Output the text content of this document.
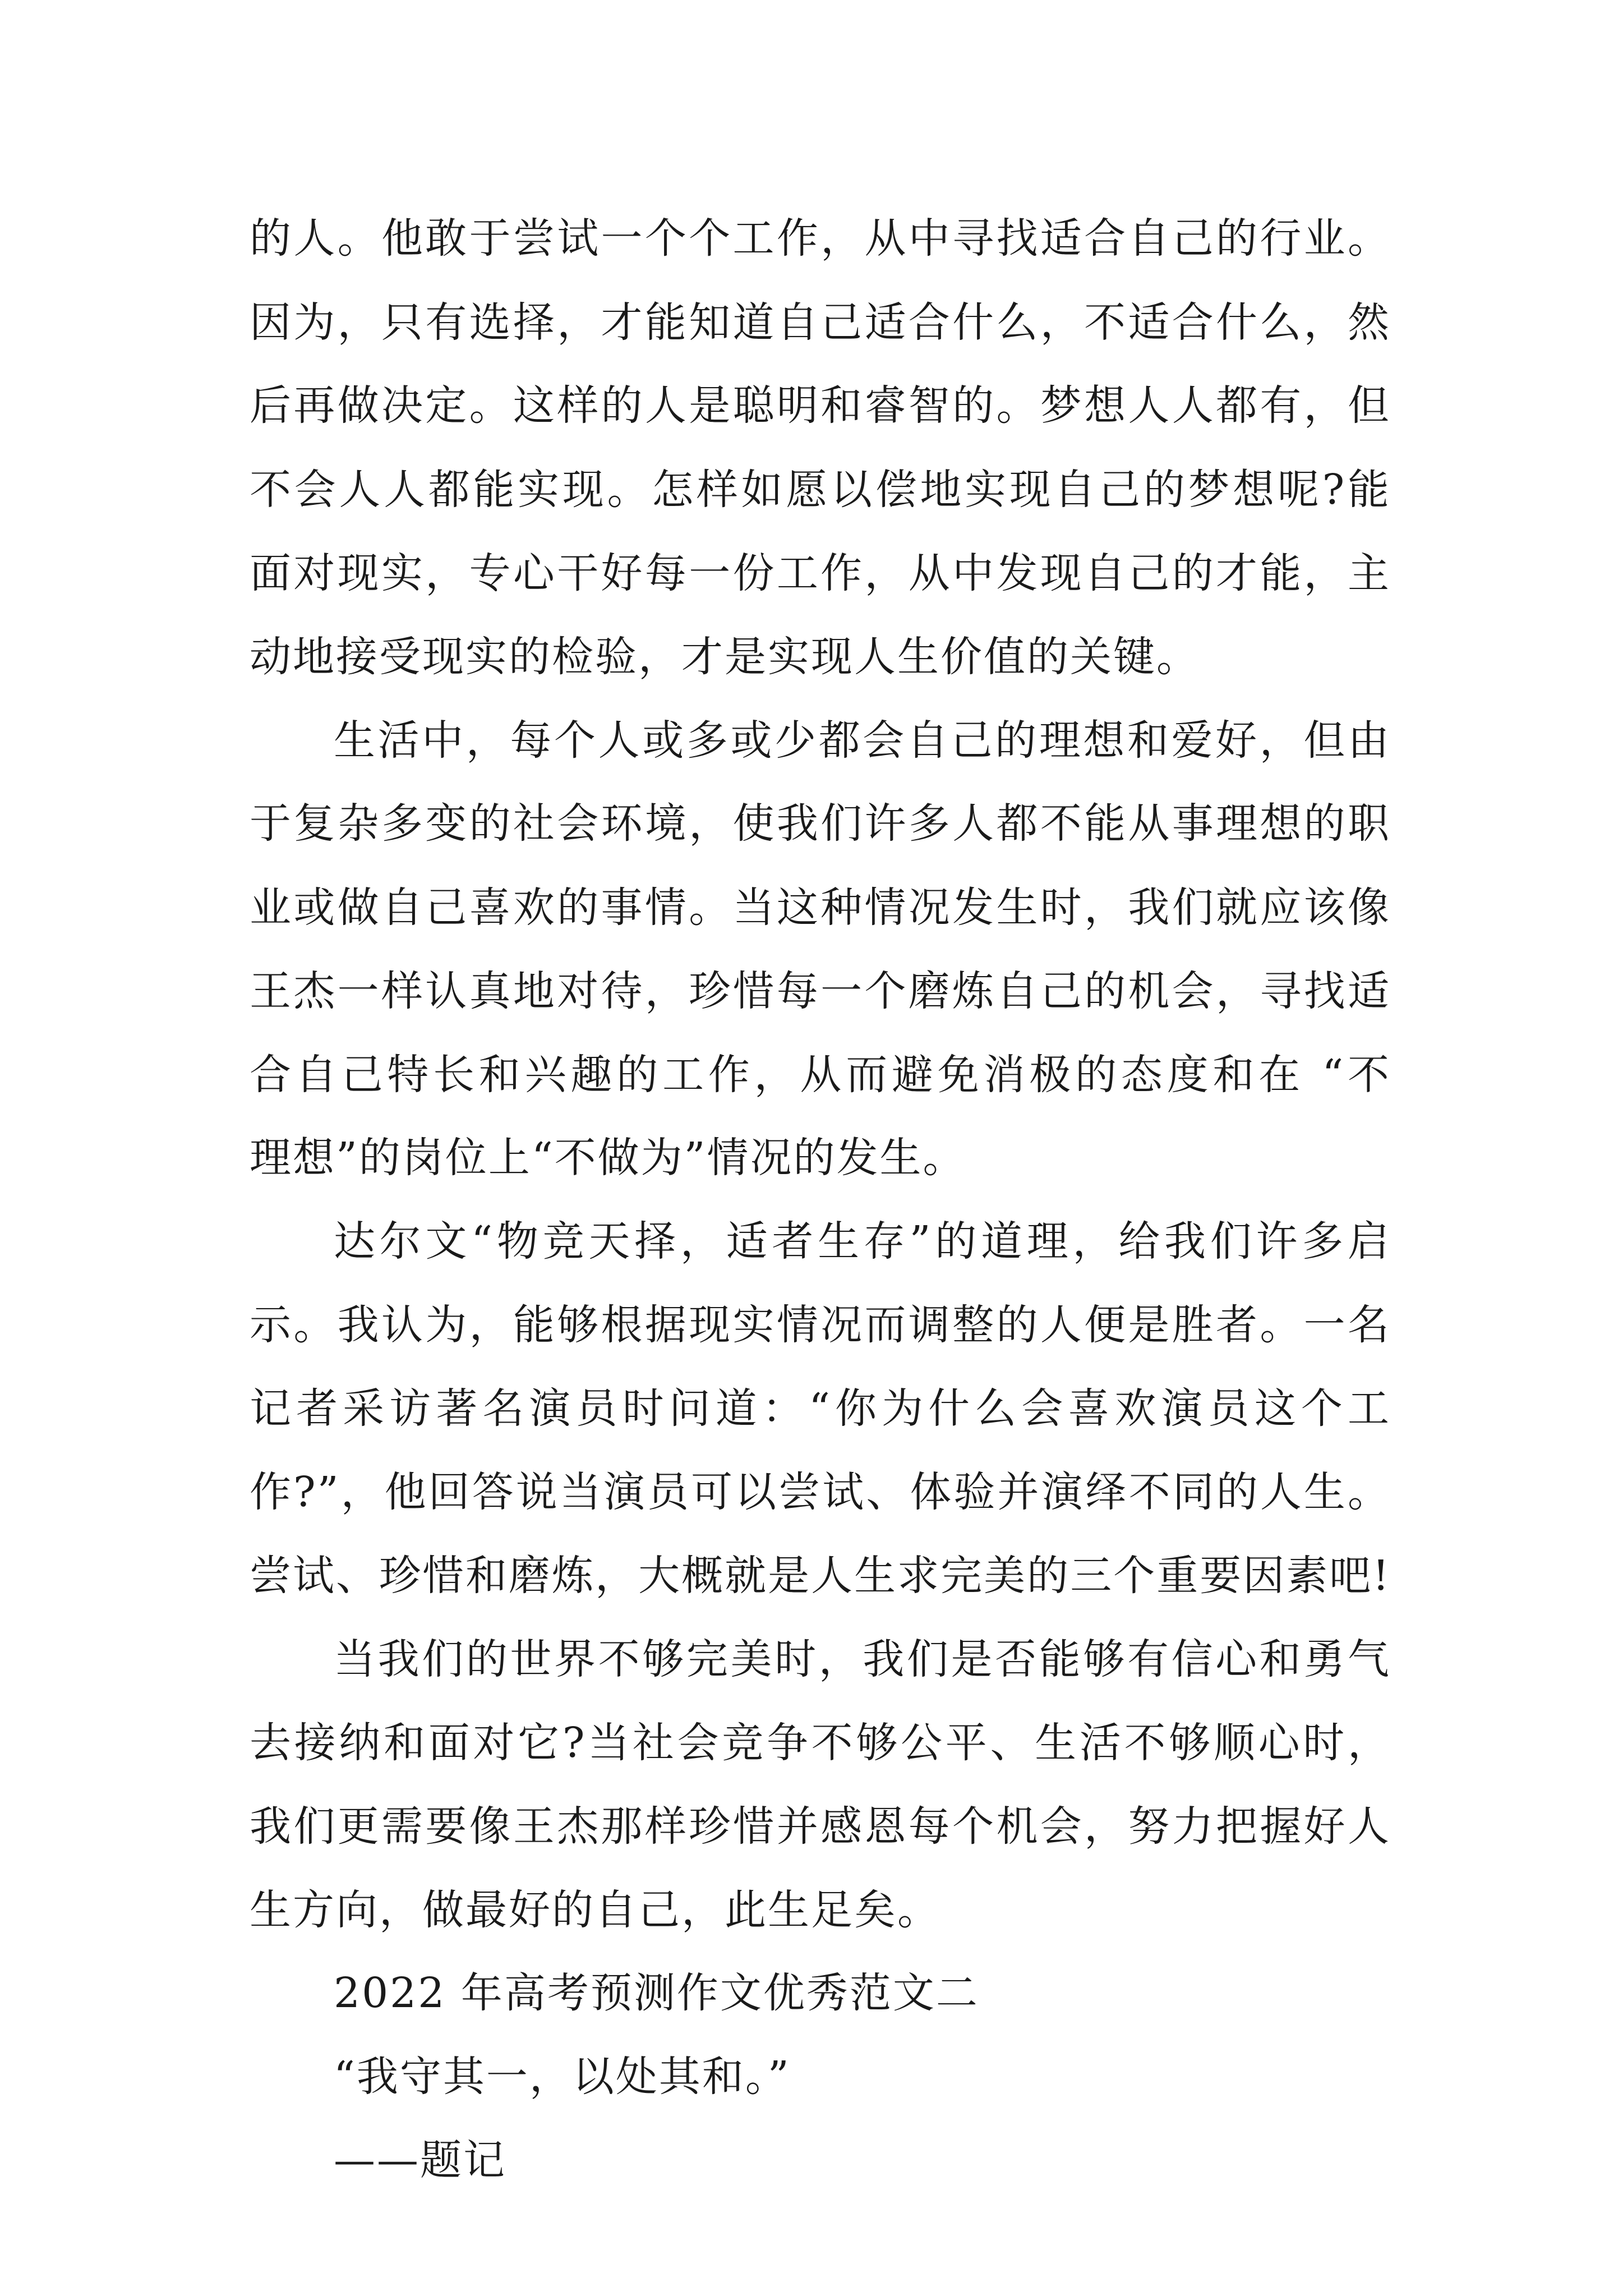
的人。他敢于尝试一个个工作，从中寻找适合自己的行业。
因为，只有选择，才能知道自己适合什么，不适合什么，然
后再做决定。这样的人是聪明和睿智的。梦想人人都有，但
不会人人都能实现。怎样如愿以偿地实现自己的梦想呢?能
面对现实，专心干好每一份工作，从中发现自己的才能，主
动地接受现实的检验，才是实现人生价值的关键。
生活中，每个人或多或少都会自己的理想和爱好，但由
于复杂多变的社会环境，使我们许多人都不能从事理想的职
业或做自己喜欢的事情。当这种情况发生时，我们就应该像
王杰一样认真地对待，珍惜每一个磨炼自己的机会，寻找适
合自己特长和兴趣的工作，从而避免消极的态度和在 “不
理想”的岗位上“不做为”情况的发生。
达尔文“物竞天择，适者生存”的道理，给我们许多启
示。我认为，能够根据现实情况而调整的人便是胜者。一名
记者采访著名演员时问道：“你为什么会喜欢演员这个工
作?”，他回答说当演员可以尝试、体验并演绎不同的人生。
尝试、珍惜和磨炼，大概就是人生求完美的三个重要因素吧!
当我们的世界不够完美时，我们是否能够有信心和勇气
去接纳和面对它?当社会竞争不够公平、生活不够顺心时，
我们更需要像王杰那样珍惜并感恩每个机会，努力把握好人
生方向，做最好的自己，此生足矣。
2022 年高考预测作文优秀范文二
“我守其一，以处其和。”
——题记
